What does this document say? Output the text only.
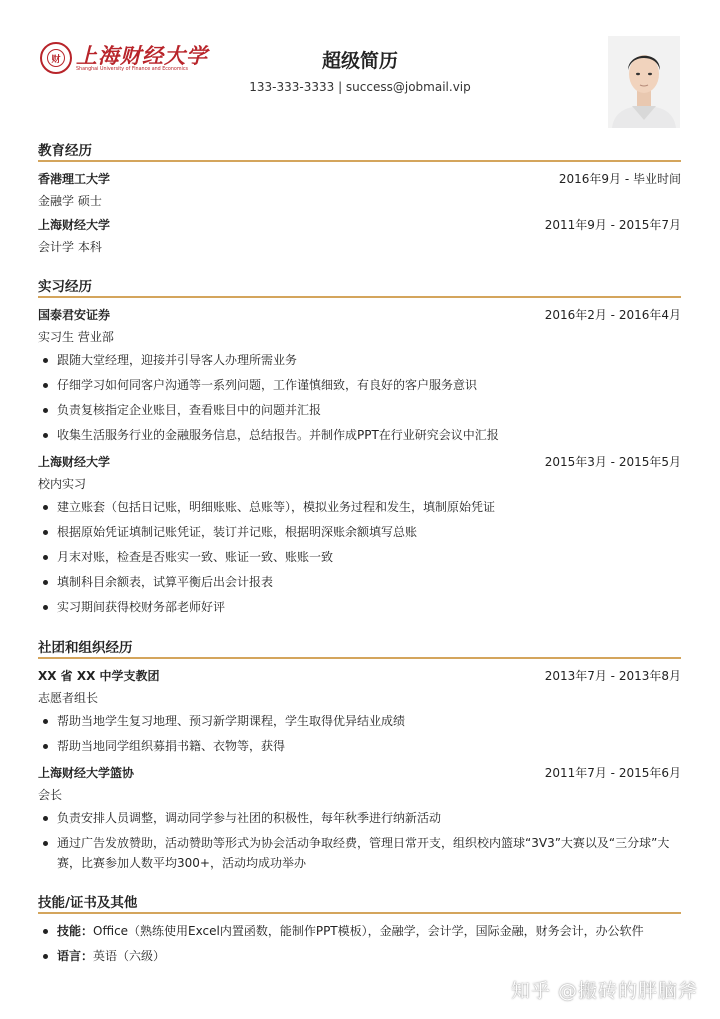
财 上海财经大学
Shanghai University of Finance and Economics	超级简历
133-333-3333 | success@jobmail.vip
教育经历
香港理工大学	2016年9月 - 毕业时间
金融学 硕士
上海财经大学	2011年9月 - 2015年7月
会计学 本科
实习经历
国泰君安证券	2016年2月 - 2016年4月
实习生 营业部
跟随大堂经理，迎接并引导客人办理所需业务
仔细学习如何同客户沟通等一系列问题，工作谨慎细致，有良好的客户服务意识
负责复核指定企业账目，查看账目中的问题并汇报
收集生活服务行业的金融服务信息，总结报告。并制作成PPT在行业研究会议中汇报
上海财经大学	2015年3月 - 2015年5月
校内实习
建立账套（包括日记账，明细账账、总账等），模拟业务过程和发生，填制原始凭证
根据原始凭证填制记账凭证，装订并记账，根据明深账余额填写总账
月末对账，检查是否账实一致、账证一致、账账一致
填制科目余额表，试算平衡后出会计报表
实习期间获得校财务部老师好评
社团和组织经历
XX 省 XX 中学支教团	2013年7月 - 2013年8月
志愿者组长
帮助当地学生复习地理、预习新学期课程，学生取得优异结业成绩
帮助当地同学组织募捐书籍、衣物等，获得
上海财经大学篮协	2011年7月 - 2015年6月
会长
负责安排人员调整，调动同学参与社团的积极性，每年秋季进行纳新活动
通过广告发放赞助，活动赞助等形式为协会活动争取经费，管理日常开支，组织校内篮球“3V3”大赛以及“三分球”大赛，比赛参加人数平均300+，活动均成功举办
技能/证书及其他
技能：Office（熟练使用Excel内置函数，能制作PPT模板），金融学，会计学，国际金融，财务会计，办公软件
语言：英语（六级）
知乎 @搬砖的胖脑斧
